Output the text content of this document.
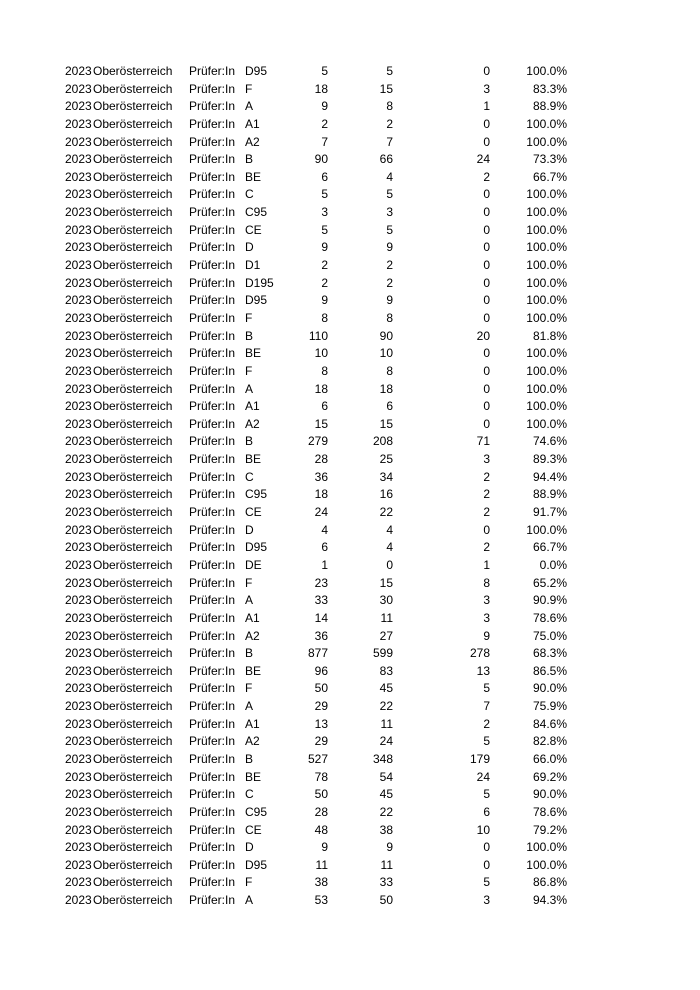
2023 Oberösterreich Prüfer:In D95	5	5	0	100.0%
2023 Oberösterreich Prüfer:In F	18	15	3	83.3%
2023 Oberösterreich Prüfer:In A	9	8	1	88.9%
2023 Oberösterreich Prüfer:In A1	2	2	0	100.0%
2023 Oberösterreich Prüfer:In A2	7	7	0	100.0%
2023 Oberösterreich Prüfer:In B	90	66	24	73.3%
2023 Oberösterreich Prüfer:In BE	6	4	2	66.7%
2023 Oberösterreich Prüfer:In C	5	5	0	100.0%
2023 Oberösterreich Prüfer:In C95	3	3	0	100.0%
2023 Oberösterreich Prüfer:In CE	5	5	0	100.0%
2023 Oberösterreich Prüfer:In D	9	9	0	100.0%
2023 Oberösterreich Prüfer:In D1	2	2	0	100.0%
2023 Oberösterreich Prüfer:In D195	2	2	0	100.0%
2023 Oberösterreich Prüfer:In D95	9	9	0	100.0%
2023 Oberösterreich Prüfer:In F	8	8	0	100.0%
2023 Oberösterreich Prüfer:In B	110	90	20	81.8%
2023 Oberösterreich Prüfer:In BE	10	10	0	100.0%
2023 Oberösterreich Prüfer:In F	8	8	0	100.0%
2023 Oberösterreich Prüfer:In A	18	18	0	100.0%
2023 Oberösterreich Prüfer:In A1	6	6	0	100.0%
2023 Oberösterreich Prüfer:In A2	15	15	0	100.0%
2023 Oberösterreich Prüfer:In B	279	208	71	74.6%
2023 Oberösterreich Prüfer:In BE	28	25	3	89.3%
2023 Oberösterreich Prüfer:In C	36	34	2	94.4%
2023 Oberösterreich Prüfer:In C95	18	16	2	88.9%
2023 Oberösterreich Prüfer:In CE	24	22	2	91.7%
2023 Oberösterreich Prüfer:In D	4	4	0	100.0%
2023 Oberösterreich Prüfer:In D95	6	4	2	66.7%
2023 Oberösterreich Prüfer:In DE	1	0	1	0.0%
2023 Oberösterreich Prüfer:In F	23	15	8	65.2%
2023 Oberösterreich Prüfer:In A	33	30	3	90.9%
2023 Oberösterreich Prüfer:In A1	14	11	3	78.6%
2023 Oberösterreich Prüfer:In A2	36	27	9	75.0%
2023 Oberösterreich Prüfer:In B	877	599	278	68.3%
2023 Oberösterreich Prüfer:In BE	96	83	13	86.5%
2023 Oberösterreich Prüfer:In F	50	45	5	90.0%
2023 Oberösterreich Prüfer:In A	29	22	7	75.9%
2023 Oberösterreich Prüfer:In A1	13	11	2	84.6%
2023 Oberösterreich Prüfer:In A2	29	24	5	82.8%
2023 Oberösterreich Prüfer:In B	527	348	179	66.0%
2023 Oberösterreich Prüfer:In BE	78	54	24	69.2%
2023 Oberösterreich Prüfer:In C	50	45	5	90.0%
2023 Oberösterreich Prüfer:In C95	28	22	6	78.6%
2023 Oberösterreich Prüfer:In CE	48	38	10	79.2%
2023 Oberösterreich Prüfer:In D	9	9	0	100.0%
2023 Oberösterreich Prüfer:In D95	11	11	0	100.0%
2023 Oberösterreich Prüfer:In F	38	33	5	86.8%
2023 Oberösterreich Prüfer:In A	53	50	3	94.3%
